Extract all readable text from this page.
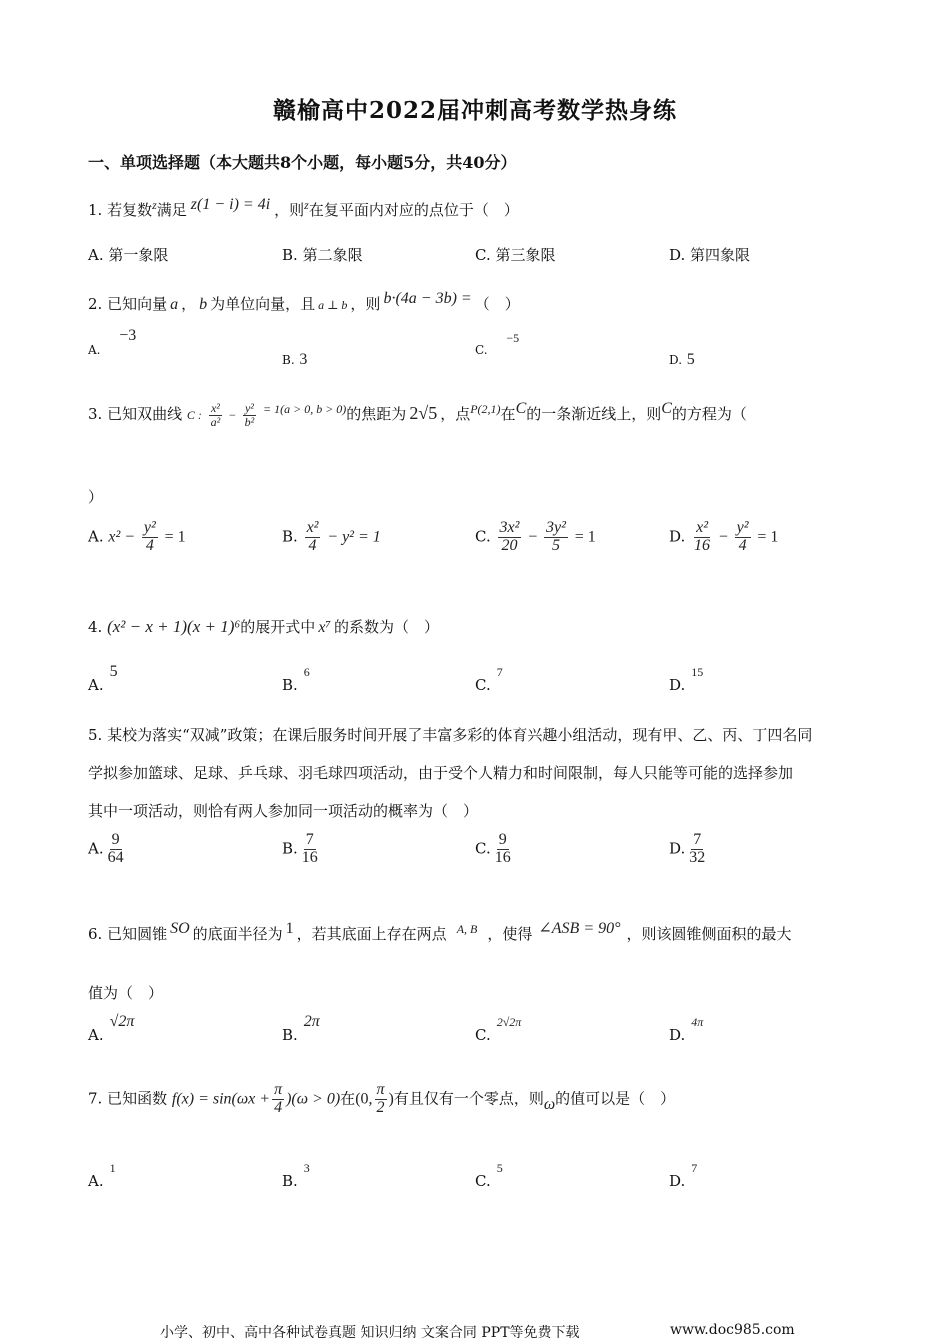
赣榆高中2022届冲刺高考数学热身练
一、单项选择题（本大题共8个小题，每小题5分，共40分）
1. 若复数$^z$满足 z(1 − i) = 4i ，则$^z$在复平面内对应的点位于（　）
A. 第一象限	B. 第二象限	C. 第三象限	D. 第四象限
2. 已知向量 a ， b 为单位向量，且 a ⊥ b ，则 b·(4a − 3b) = （　）
A. −3
B. 3
C. $^{-5}$
D. 5
3. 已知双曲线 C : $\frac{\text{x²}}{\text{a²}} - \frac{\text{y²}}{\text{b²}} ^{= 1(a > 0, b > 0)}$的焦距为 2√5 ，点$^{P(2,1)}$在C的一条渐近线上，则C的方程为（
）
A. $x^2 - \frac{\text{y²}}{4} = 1$	B. $\frac{\text{x²}}{4} - y^2 = 1$	C. $\frac{\text{3x²}}{20} - \frac{\text{3y²}}{5} = 1$	D. $\frac{\text{x²}}{16} - \frac{\text{y²}}{4} = 1$
4. (x² − x + 1)(x + 1)⁶的展开式中 x⁷ 的系数为（　）
A.5
B.6
C.7
D.15
5. 某校为落实“双减”政策；在课后服务时间开展了丰富多彩的体育兴趣小组活动，现有甲、乙、丙、丁四名同
学拟参加篮球、足球、乒乓球、羽毛球四项活动，由于受个人精力和时间限制，每人只能等可能的选择参加
其中一项活动，则恰有两人参加同一项活动的概率为（　）
A. $\frac{9}{64}$	B. $\frac{7}{16}$	C. $\frac{9}{16}$	D. $\frac{7}{32}$
6. 已知圆锥 SO 的底面半径为 1 ，若其底面上存在两点 $^{A, B}$ ，使得 ∠ASB = 90° ，则该圆锥侧面积的最大
值为（　）
A.√2π
B.2π
C.2√2π
D.4π
7. 已知函数 $f(x) = \sin(\omega x + \frac{\pi}{4} )(\omega > 0)$在(0, $\frac{\pi}{2}$ )有且仅有一个零点，则ω的值可以是（　）
A.1
B.3
C.5
D.7
小学、初中、高中各种试卷真题 知识归纳 文案合同 PPT等免费下载	www.doc985.com
